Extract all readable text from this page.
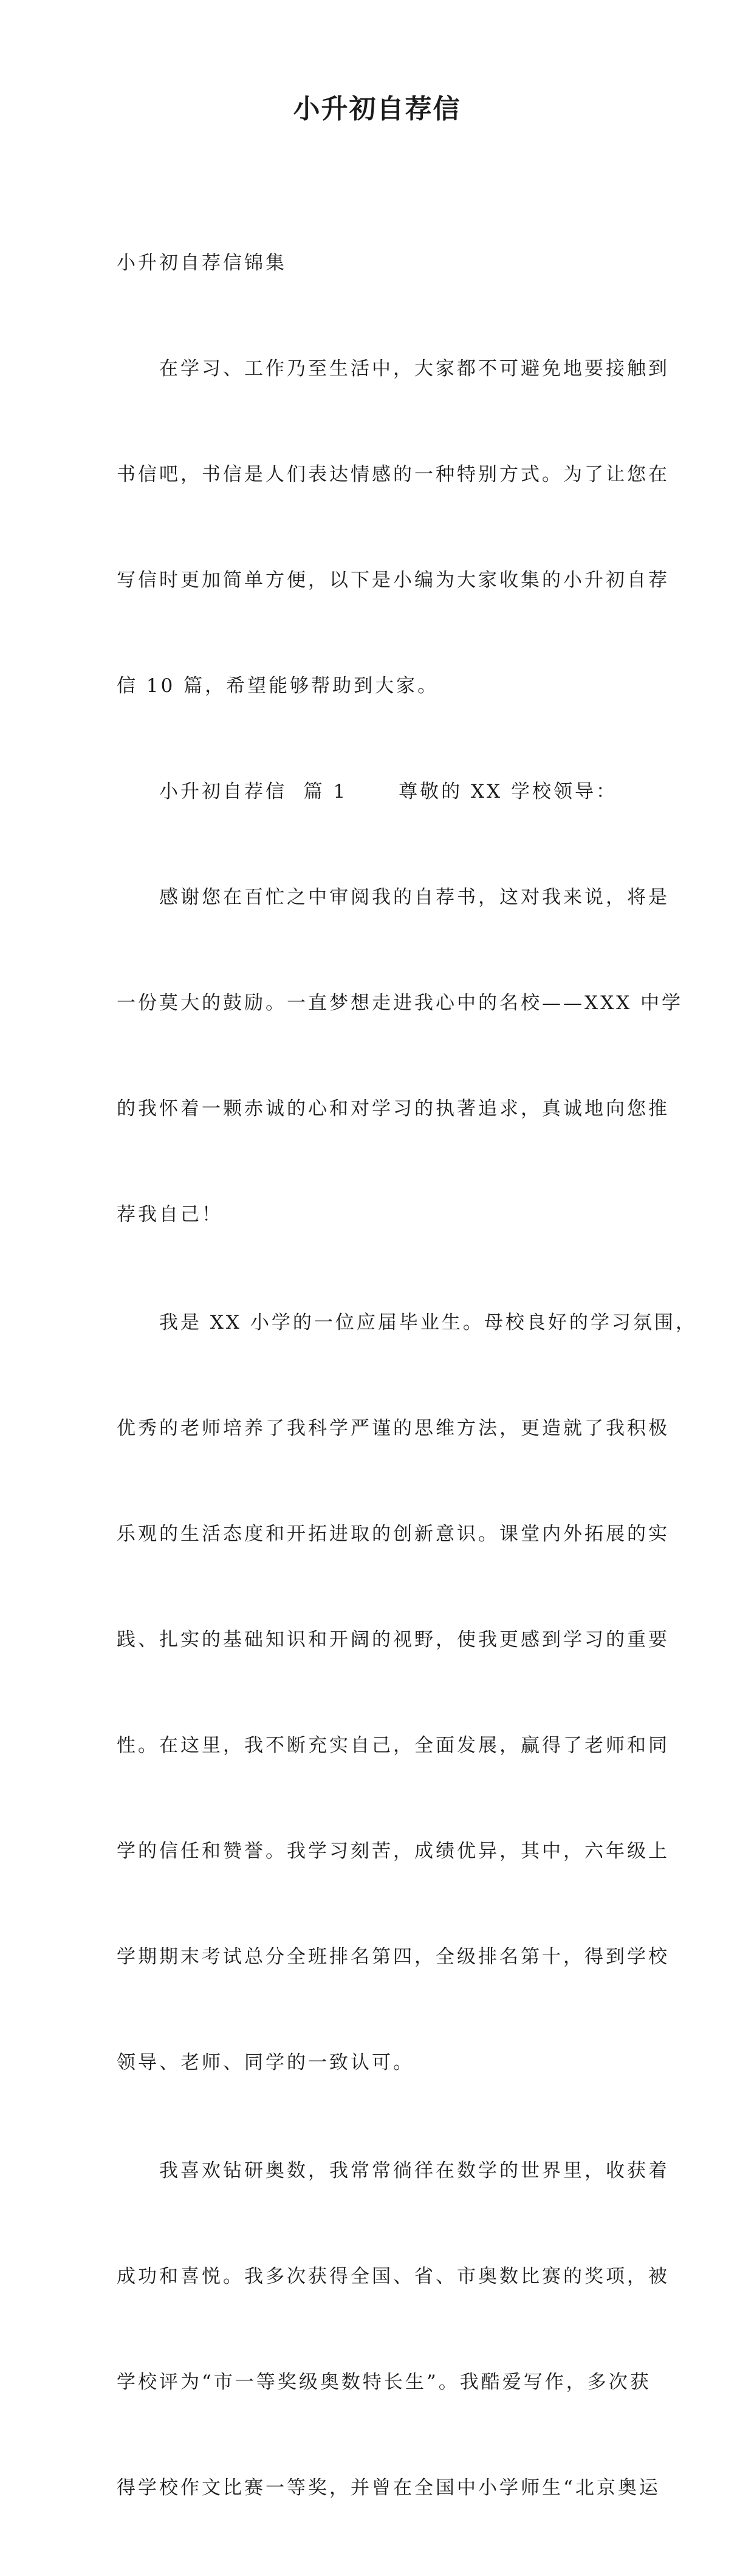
小升初自荐信

小升初自荐信锦集

　　在学习、工作乃至生活中，大家都不可避免地要接触到

书信吧，书信是人们表达情感的一种特别方式。为了让您在

写信时更加简单方便，以下是小编为大家收集的小升初自荐

信 10 篇，希望能够帮助到大家。

　　小升初自荐信  篇 1　　 尊敬的 XX 学校领导：

　　感谢您在百忙之中审阅我的自荐书，这对我来说，将是

一份莫大的鼓励。一直梦想走进我心中的名校——XXX 中学

的我怀着一颗赤诚的心和对学习的执著追求，真诚地向您推

荐我自己！

　　我是 XX 小学的一位应届毕业生。母校良好的学习氛围，

优秀的老师培养了我科学严谨的思维方法，更造就了我积极

乐观的生活态度和开拓进取的创新意识。课堂内外拓展的实

践、扎实的基础知识和开阔的视野，使我更感到学习的重要

性。在这里，我不断充实自己，全面发展，赢得了老师和同

学的信任和赞誉。我学习刻苦，成绩优异，其中，六年级上

学期期末考试总分全班排名第四，全级排名第十，得到学校

领导、老师、同学的一致认可。

　　我喜欢钻研奥数，我常常徜徉在数学的世界里，收获着

成功和喜悦。我多次获得全国、省、市奥数比赛的奖项，被

学校评为“市一等奖级奥数特长生”。我酷爱写作，多次获

得学校作文比赛一等奖，并曾在全国中小学师生“北京奥运
